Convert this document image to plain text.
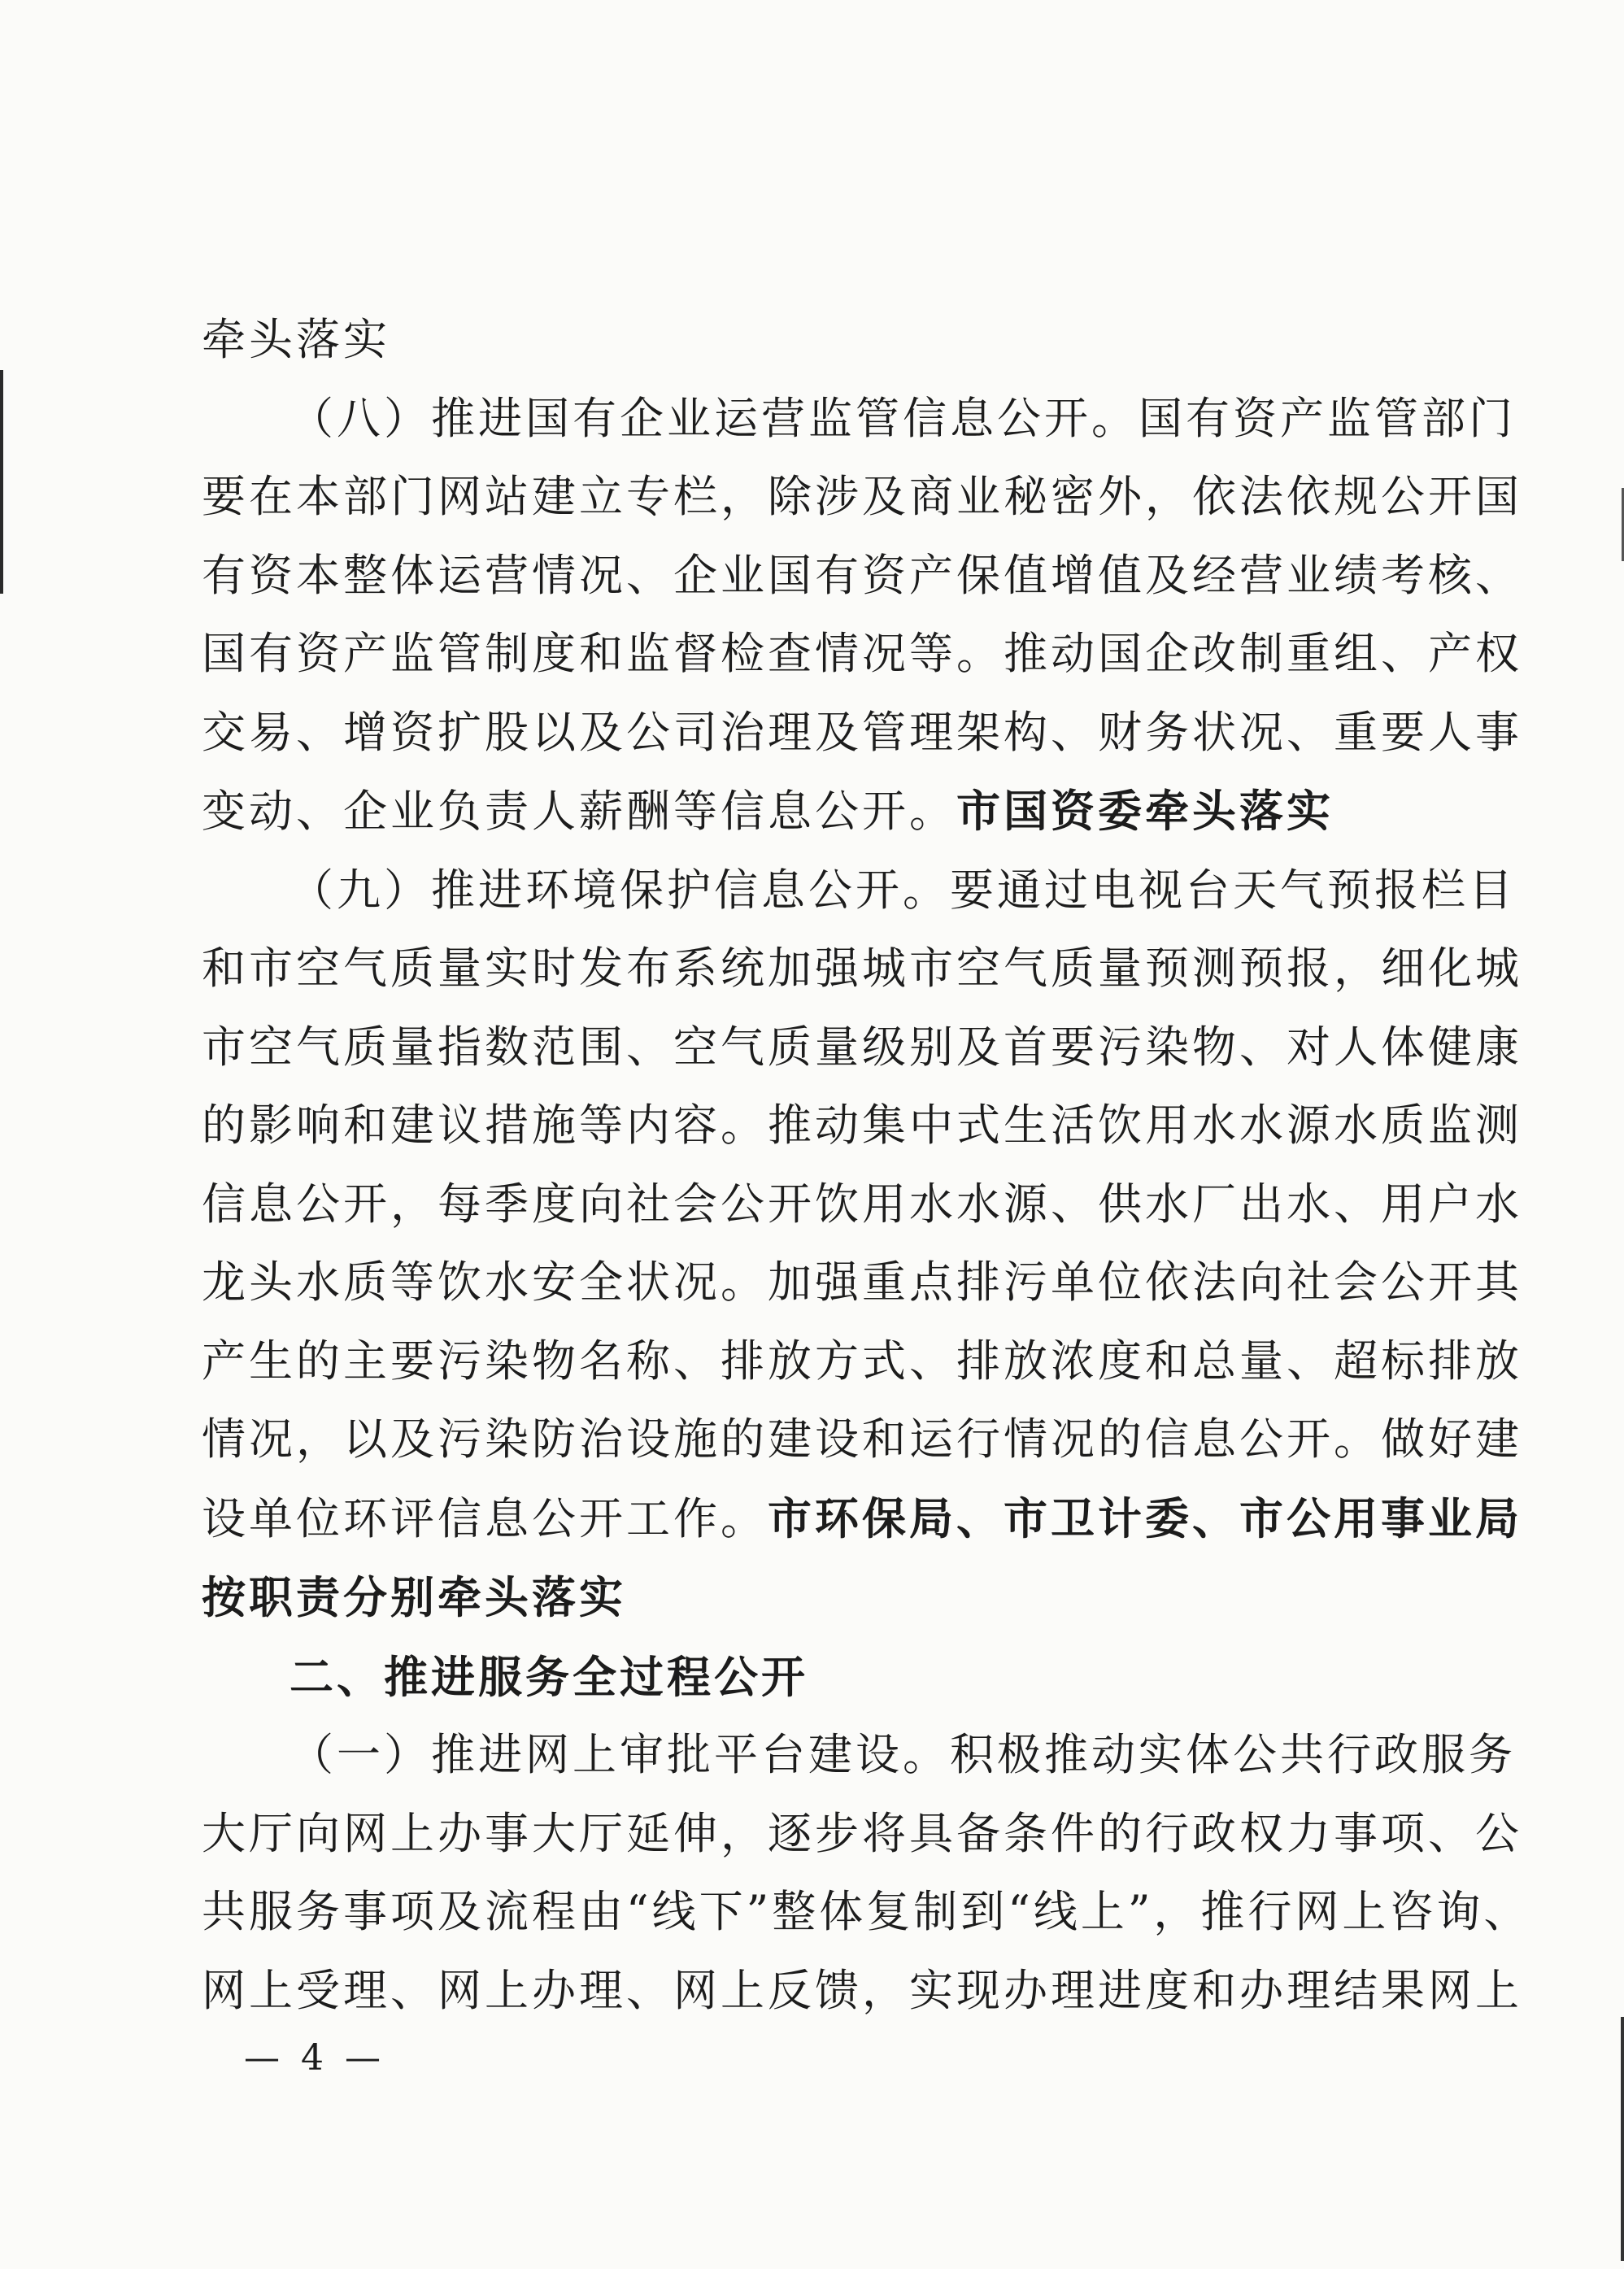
牵头落实
（八）推进国有企业运营监管信息公开。国有资产监管部门
要在本部门网站建立专栏，除涉及商业秘密外，依法依规公开国
有资本整体运营情况、企业国有资产保值增值及经营业绩考核、
国有资产监管制度和监督检查情况等。推动国企改制重组、产权
交易、增资扩股以及公司治理及管理架构、财务状况、重要人事
变动、企业负责人薪酬等信息公开。市国资委牵头落实
（九）推进环境保护信息公开。要通过电视台天气预报栏目
和市空气质量实时发布系统加强城市空气质量预测预报，细化城
市空气质量指数范围、空气质量级别及首要污染物、对人体健康
的影响和建议措施等内容。推动集中式生活饮用水水源水质监测
信息公开，每季度向社会公开饮用水水源、供水厂出水、用户水
龙头水质等饮水安全状况。加强重点排污单位依法向社会公开其
产生的主要污染物名称、排放方式、排放浓度和总量、超标排放
情况，以及污染防治设施的建设和运行情况的信息公开。做好建
设单位环评信息公开工作。市环保局、市卫计委、市公用事业局
按职责分别牵头落实
二、推进服务全过程公开
（一）推进网上审批平台建设。积极推动实体公共行政服务
大厅向网上办事大厅延伸，逐步将具备条件的行政权力事项、公
共服务事项及流程由“线下”整体复制到“线上”，推行网上咨询、
网上受理、网上办理、网上反馈，实现办理进度和办理结果网上
— 4 —
